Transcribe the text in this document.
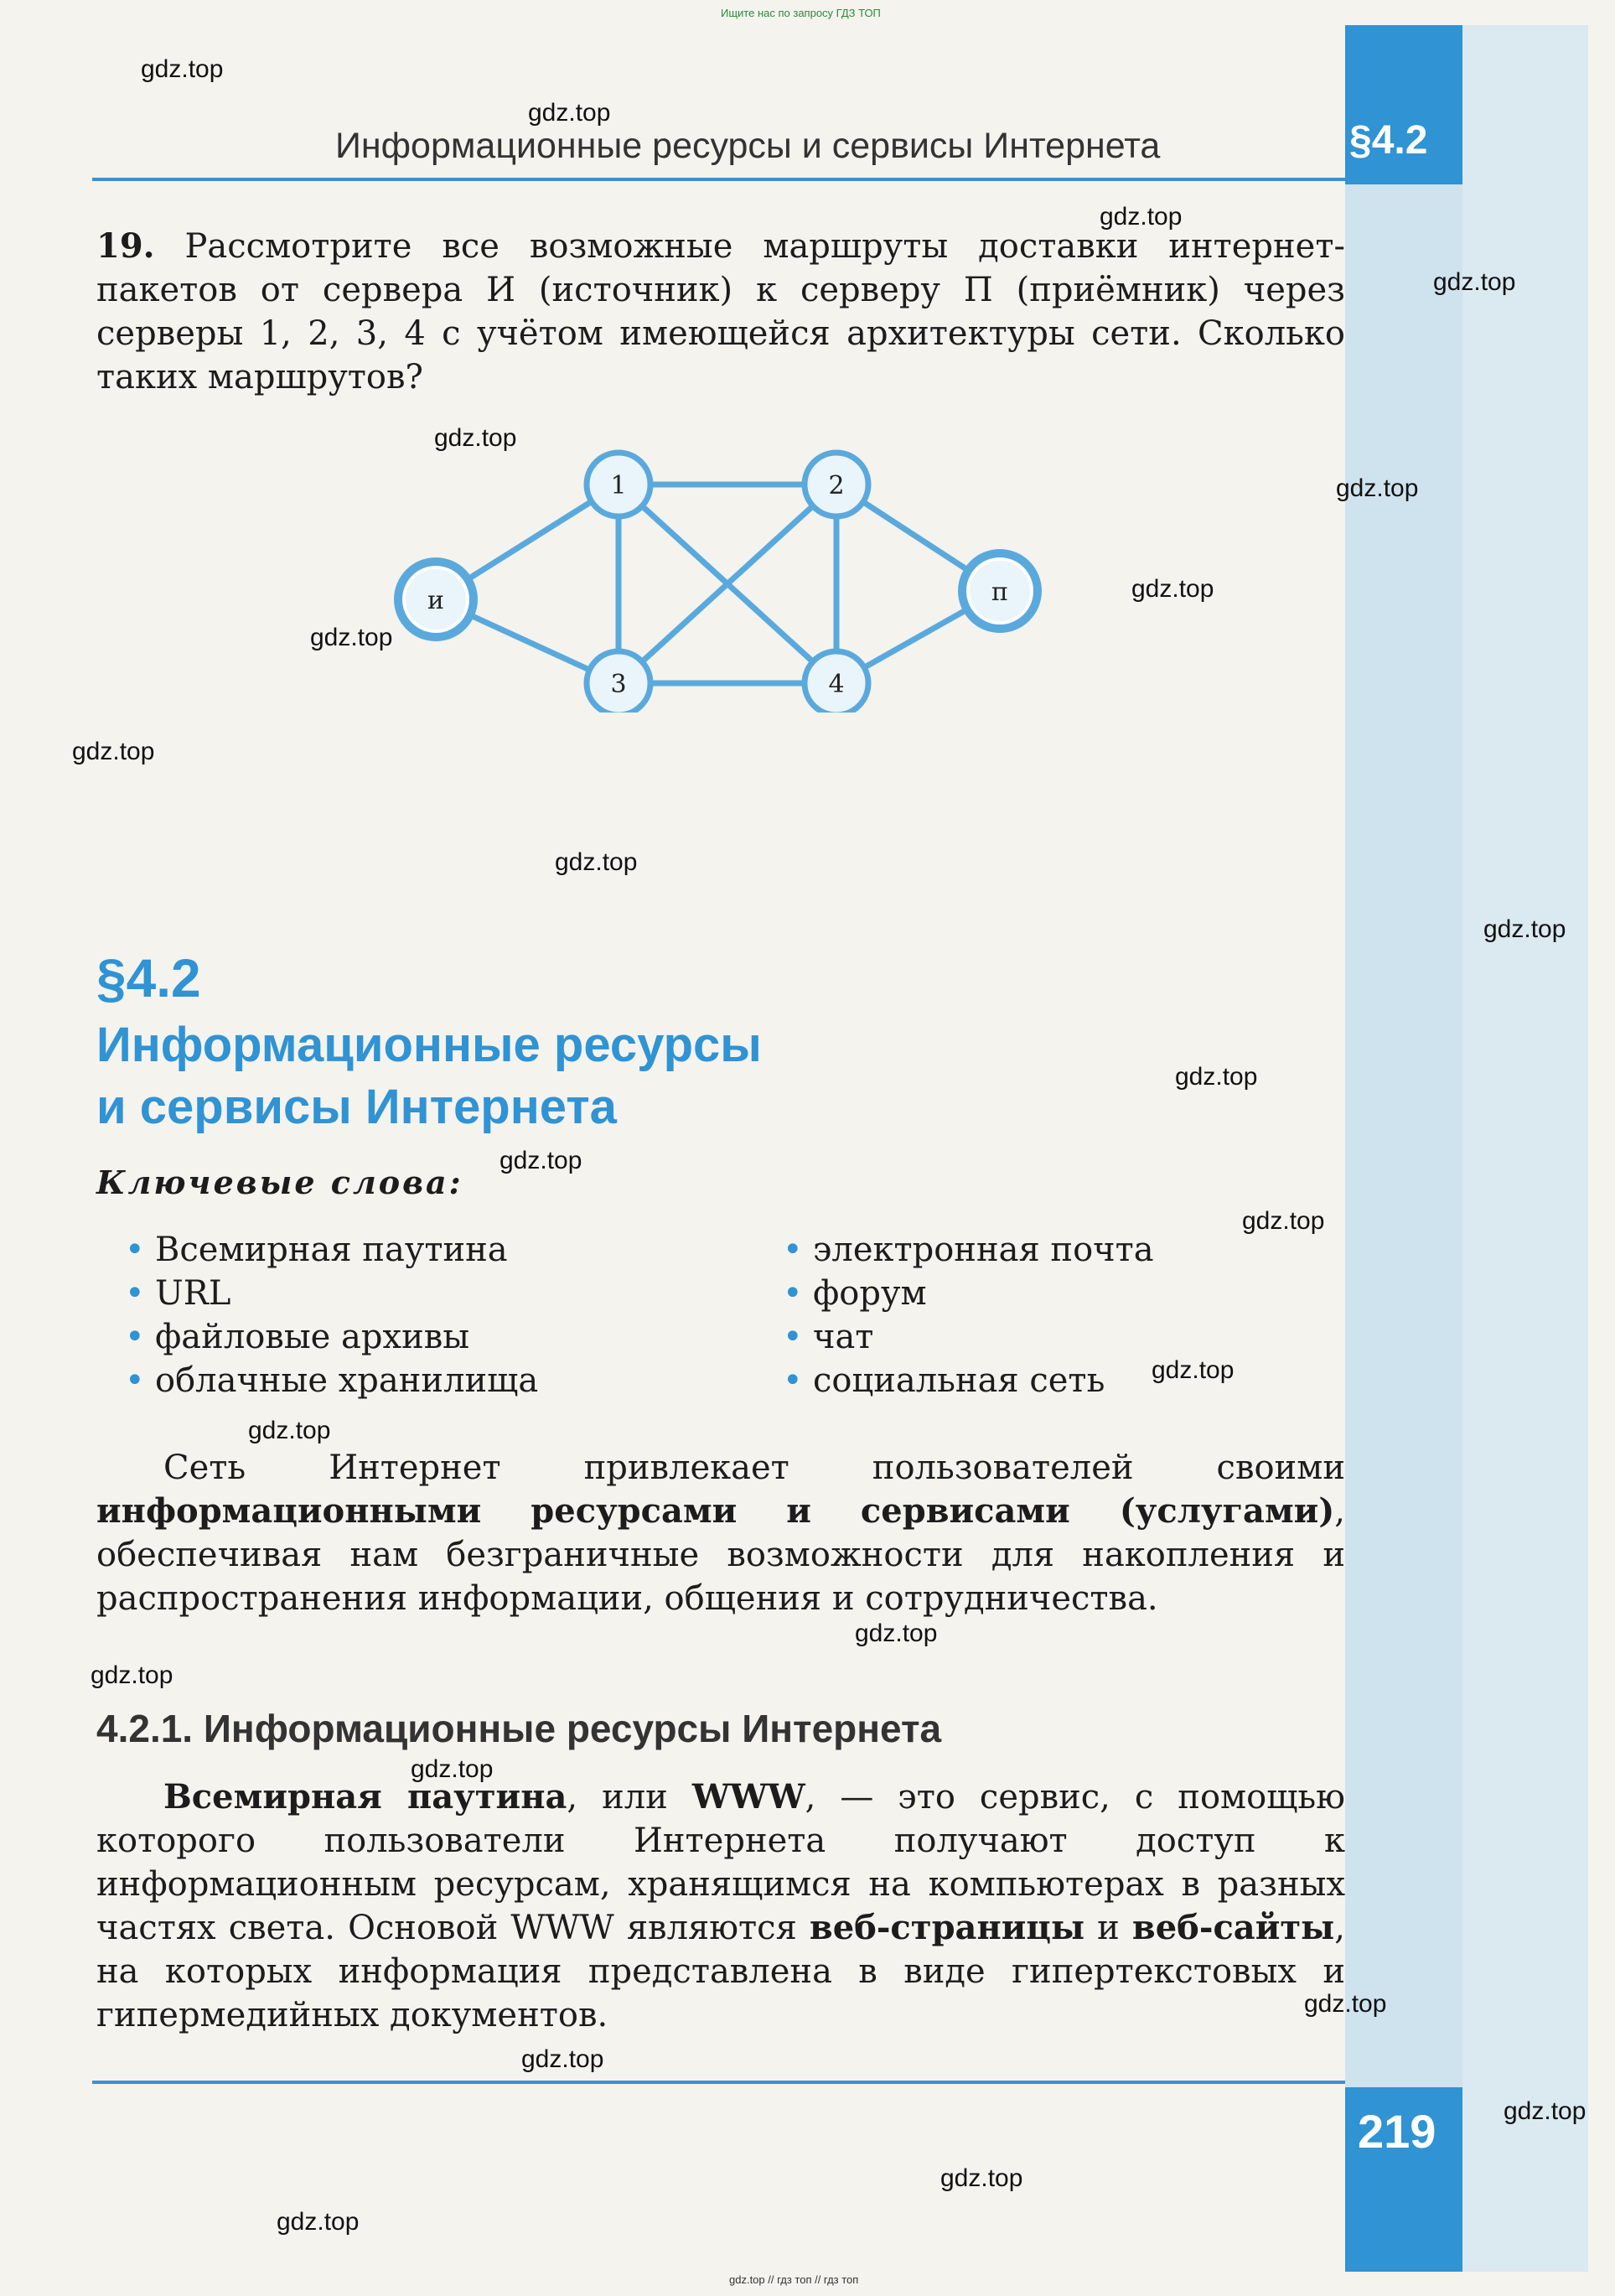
Ищите нас по запросу ГДЗ ТОП
gdz.top // гдз топ // гдз топ
Информационные ресурсы и сервисы Интернета	§4.2
19. Рассмотрите все возможные маршруты доставки интернет-пакетов от сервера И (источник) к серверу П (приёмник) через серверы 1, 2, 3, 4 с учётом имеющейся архитектуры сети. Сколько таких маршрутов?
1	2
и	п
3	4
§4.2
Информационные ресурсы
и сервисы Интернета
Ключевые слова:
• Всемирная паутина
• URL
• файловые архивы
• облачные хранилища
• электронная почта
• форум
• чат
• социальная сеть
Сеть Интернет привлекает пользователей своими информационными ресурсами и сервисами (услугами), обеспечивая нам безграничные возможности для накопления и распространения информации, общения и сотрудничества.
4.2.1. Информационные ресурсы Интернета
Всемирная паутина, или WWW, — это сервис, с помощью которого пользователи Интернета получают доступ к информационным ресурсам, хранящимся на компьютерах в разных частях света. Основой WWW являются веб-страницы и веб-сайты, на которых информация представлена в виде гипертекстовых и гипермедийных документов.
219
gdz.top
gdz.top
gdz.top
gdz.top
gdz.top
gdz.top
gdz.top
gdz.top
gdz.top
gdz.top
gdz.top
gdz.top
gdz.top
gdz.top
gdz.top
gdz.top
gdz.top
gdz.top
gdz.top
gdz.top
gdz.top
gdz.top
gdz.top
gdz.top
